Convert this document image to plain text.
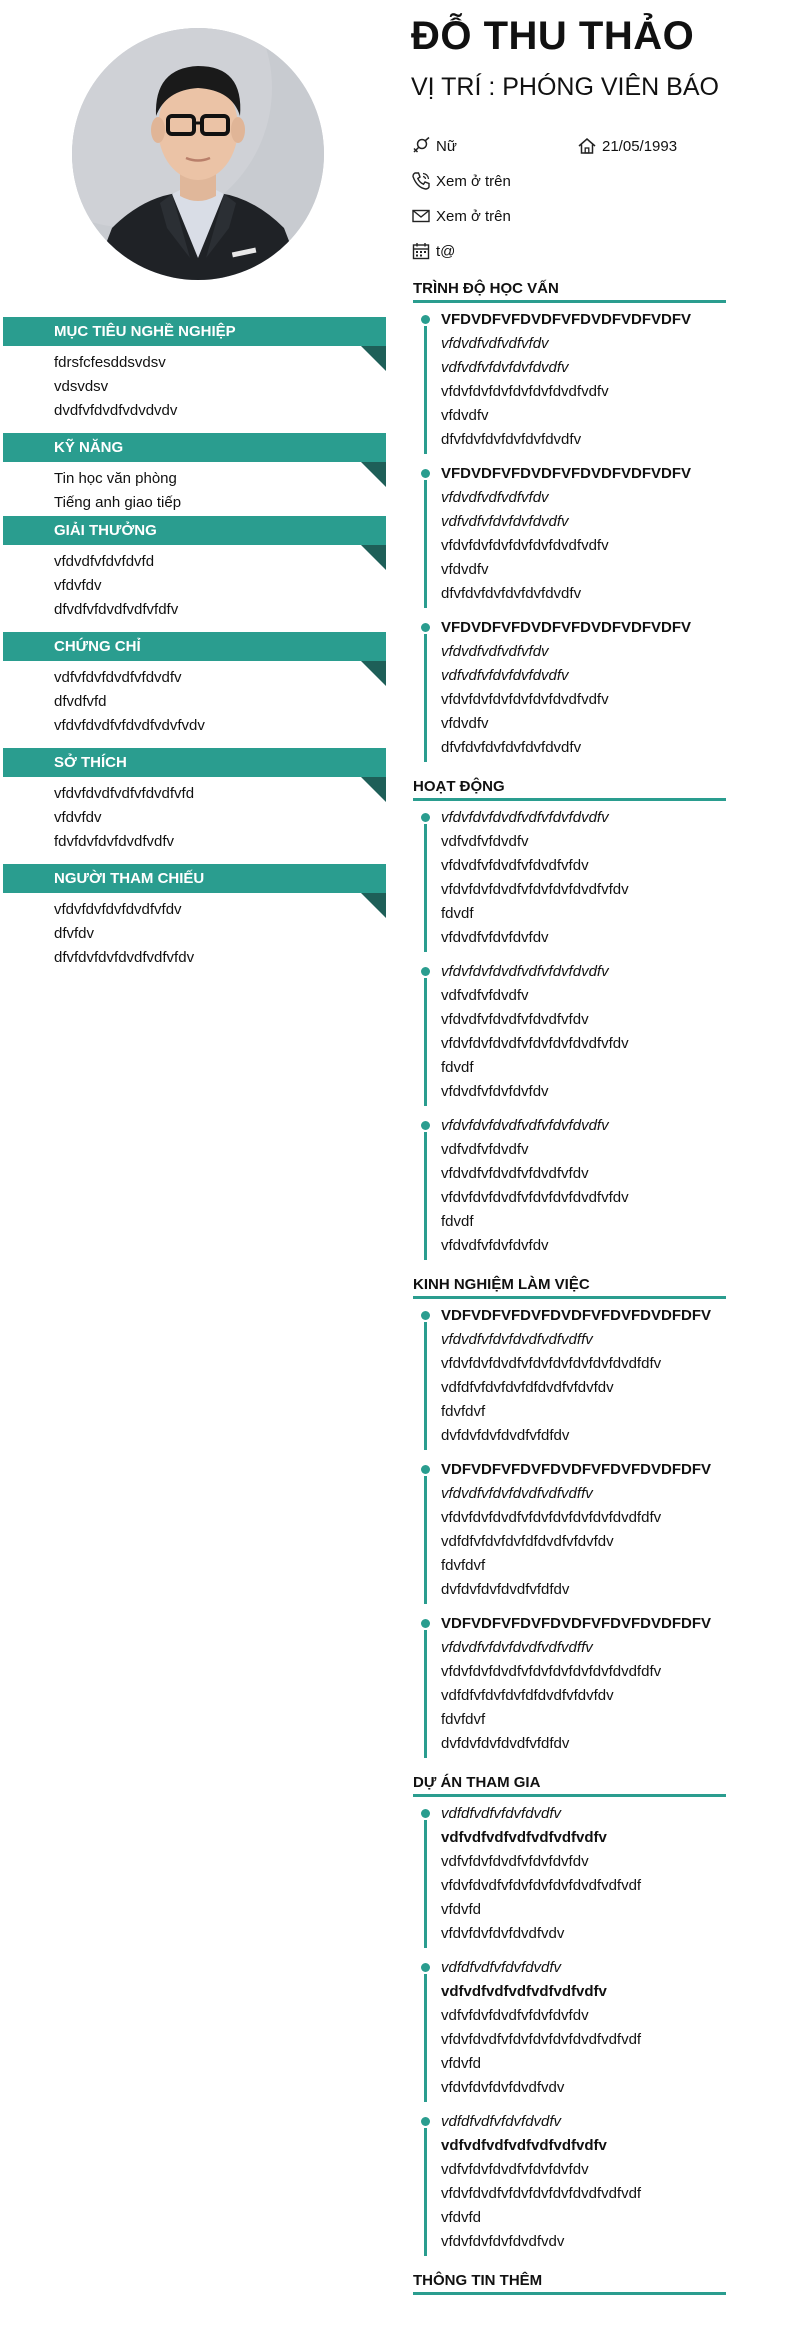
ĐỖ THU THẢO
VỊ TRÍ : PHÓNG VIÊN BÁO
Nữ	21/05/1993
Xem ở trên
Xem ở trên
t@
MỤC TIÊU NGHỀ NGHIỆP
fdrsfcfesddsvdsv
vdsvdsv
dvdfvfdvdfvdvdvdv
KỸ NĂNG
Tin học văn phòng
Tiếng anh giao tiếp
GIẢI THƯỞNG
vfdvdfvfdvfdvfd
vfdvfdv
dfvdfvfdvdfvdfvfdfv
CHỨNG CHỈ
vdfvfdvfdvdfvfdvdfv
dfvdfvfd
vfdvfdvdfvfdvdfvdvfvdv
SỞ THÍCH
vfdvfdvdfvdfvfdvdfvfd
vfdvfdv
fdvfdvfdvfdvdfvdfv
NGƯỜI THAM CHIẾU
vfdvfdvfdvfdvdfvfdv
dfvfdv
dfvfdvfdvfdvdfvdfvfdv
TRÌNH ĐỘ HỌC VẤN
VFDVDFVFDVDFVFDVDFVDFVDFV
vfdvdfvdfvdfvfdv
vdfvdfvfdvfdvfdvdfv
vfdvfdvfdvfdvfdvfdvdfvdfv
vfdvdfv
dfvfdvfdvfdvfdvfdvdfv
VFDVDFVFDVDFVFDVDFVDFVDFV
vfdvdfvdfvdfvfdv
vdfvdfvfdvfdvfdvdfv
vfdvfdvfdvfdvfdvfdvdfvdfv
vfdvdfv
dfvfdvfdvfdvfdvfdvdfv
VFDVDFVFDVDFVFDVDFVDFVDFV
vfdvdfvdfvdfvfdv
vdfvdfvfdvfdvfdvdfv
vfdvfdvfdvfdvfdvfdvdfvdfv
vfdvdfv
dfvfdvfdvfdvfdvfdvdfv
HOẠT ĐỘNG
vfdvfdvfdvdfvdfvfdvfdvdfv
vdfvdfvfdvdfv
vfdvdfvfdvdfvfdvdfvfdv
vfdvfdvfdvdfvfdvfdvfdvdfvfdv
fdvdf
vfdvdfvfdvfdvfdv
vfdvfdvfdvdfvdfvfdvfdvdfv
vdfvdfvfdvdfv
vfdvdfvfdvdfvfdvdfvfdv
vfdvfdvfdvdfvfdvfdvfdvdfvfdv
fdvdf
vfdvdfvfdvfdvfdv
vfdvfdvfdvdfvdfvfdvfdvdfv
vdfvdfvfdvdfv
vfdvdfvfdvdfvfdvdfvfdv
vfdvfdvfdvdfvfdvfdvfdvdfvfdv
fdvdf
vfdvdfvfdvfdvfdv
KINH NGHIỆM LÀM VIỆC
VDFVDFVFDVFDVDFVFDVFDVDFDFV
vfdvdfvfdvfdvdfvdfvdffv
vfdvfdvfdvdfvfdvfdvfdvfdvfdvdfdfv
vdfdfvfdvfdvfdfdvdfvfdvfdv
fdvfdvf
dvfdvfdvfdvdfvfdfdv
VDFVDFVFDVFDVDFVFDVFDVDFDFV
vfdvdfvfdvfdvdfvdfvdffv
vfdvfdvfdvdfvfdvfdvfdvfdvfdvdfdfv
vdfdfvfdvfdvfdfdvdfvfdvfdv
fdvfdvf
dvfdvfdvfdvdfvfdfdv
VDFVDFVFDVFDVDFVFDVFDVDFDFV
vfdvdfvfdvfdvdfvdfvdffv
vfdvfdvfdvdfvfdvfdvfdvfdvfdvdfdfv
vdfdfvfdvfdvfdfdvdfvfdvfdv
fdvfdvf
dvfdvfdvfdvdfvfdfdv
DỰ ÁN THAM GIA
vdfdfvdfvfdvfdvdfv
vdfvdfvdfvdfvdfvdfvdfv
vdfvfdvfdvdfvfdvfdvfdv
vfdvfdvdfvfdvfdvfdvfdvdfvdfvdf
vfdvfd
vfdvfdvfdvfdvdfvdv
vdfdfvdfvfdvfdvdfv
vdfvdfvdfvdfvdfvdfvdfv
vdfvfdvfdvdfvfdvfdvfdv
vfdvfdvdfvfdvfdvfdvfdvdfvdfvdf
vfdvfd
vfdvfdvfdvfdvdfvdv
vdfdfvdfvfdvfdvdfv
vdfvdfvdfvdfvdfvdfvdfv
vdfvfdvfdvdfvfdvfdvfdv
vfdvfdvdfvfdvfdvfdvfdvdfvdfvdf
vfdvfd
vfdvfdvfdvfdvdfvdv
THÔNG TIN THÊM
